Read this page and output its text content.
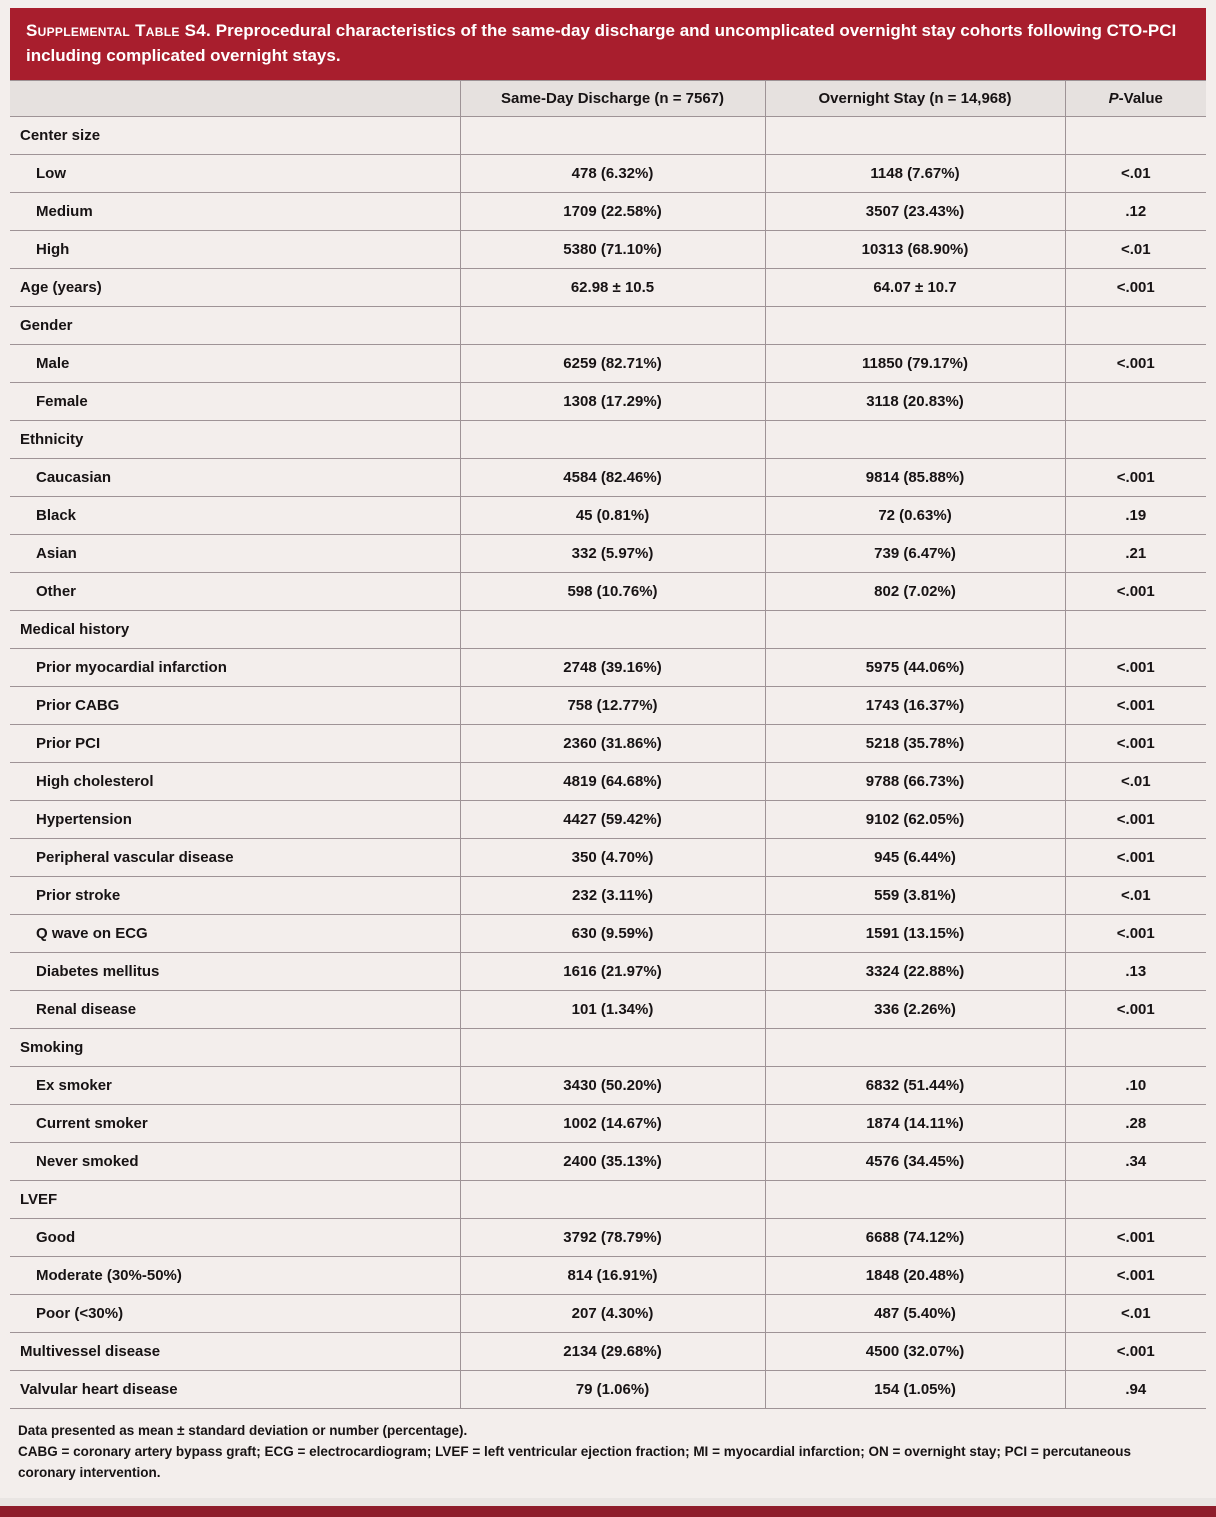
Supplemental Table S4. Preprocedural characteristics of the same-day discharge and uncomplicated overnight stay cohorts following CTO-PCI including complicated overnight stays.

	Same-Day Discharge (n = 7567)	Overnight Stay (n = 14,968)	P-Value
Center size			
Low	478 (6.32%)	1148 (7.67%)	<.01
Medium	1709 (22.58%)	3507 (23.43%)	.12
High	5380 (71.10%)	10313 (68.90%)	<.01
Age (years)	62.98 ± 10.5	64.07 ± 10.7	<.001
Gender			
Male	6259 (82.71%)	11850 (79.17%)	<.001
Female	1308 (17.29%)	3118 (20.83%)	
Ethnicity			
Caucasian	4584 (82.46%)	9814 (85.88%)	<.001
Black	45 (0.81%)	72 (0.63%)	.19
Asian	332 (5.97%)	739 (6.47%)	.21
Other	598 (10.76%)	802 (7.02%)	<.001
Medical history			
Prior myocardial infarction	2748 (39.16%)	5975 (44.06%)	<.001
Prior CABG	758 (12.77%)	1743 (16.37%)	<.001
Prior PCI	2360 (31.86%)	5218 (35.78%)	<.001
High cholesterol	4819 (64.68%)	9788 (66.73%)	<.01
Hypertension	4427 (59.42%)	9102 (62.05%)	<.001
Peripheral vascular disease	350 (4.70%)	945 (6.44%)	<.001
Prior stroke	232 (3.11%)	559 (3.81%)	<.01
Q wave on ECG	630 (9.59%)	1591 (13.15%)	<.001
Diabetes mellitus	1616 (21.97%)	3324 (22.88%)	.13
Renal disease	101 (1.34%)	336 (2.26%)	<.001
Smoking			
Ex smoker	3430 (50.20%)	6832 (51.44%)	.10
Current smoker	1002 (14.67%)	1874 (14.11%)	.28
Never smoked	2400 (35.13%)	4576 (34.45%)	.34
LVEF			
Good	3792 (78.79%)	6688 (74.12%)	<.001
Moderate (30%-50%)	814 (16.91%)	1848 (20.48%)	<.001
Poor (<30%)	207 (4.30%)	487 (5.40%)	<.01
Multivessel disease	2134 (29.68%)	4500 (32.07%)	<.001
Valvular heart disease	79 (1.06%)	154 (1.05%)	.94
Data presented as mean ± standard deviation or number (percentage).
CABG = coronary artery bypass graft; ECG = electrocardiogram; LVEF = left ventricular ejection fraction; MI = myocardial infarction; ON = overnight stay; PCI = percutaneous coronary intervention.
